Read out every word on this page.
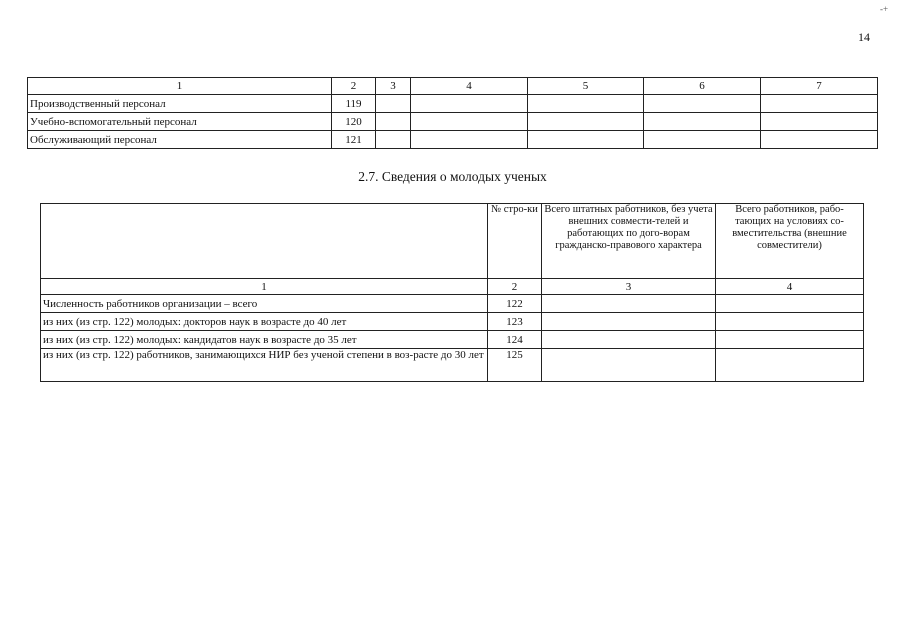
-+
14
1	2	3	4	5	6	7
Производственный персонал	119					
Учебно-вспомогательный персонал	120					
Обслуживающий персонал	121					
2.7. Сведения о молодых ученых
	№ стро-ки	Всего штатных работников, без учета внешних совмести-телей и работающих по дого-ворам гражданско-правового характера	Всего работников, рабо-тающих на условиях со-вместительства (внешние совместители)
1	2	3	4
Численность работников организации – всего	122		
из них (из стр. 122) молодых: докторов наук в возрасте до 40 лет	123		
из них (из стр. 122) молодых: кандидатов наук в возрасте до 35 лет	124		
из них (из стр. 122) работников, занимающихся НИР без ученой степени в воз-расте до 30 лет	125		
